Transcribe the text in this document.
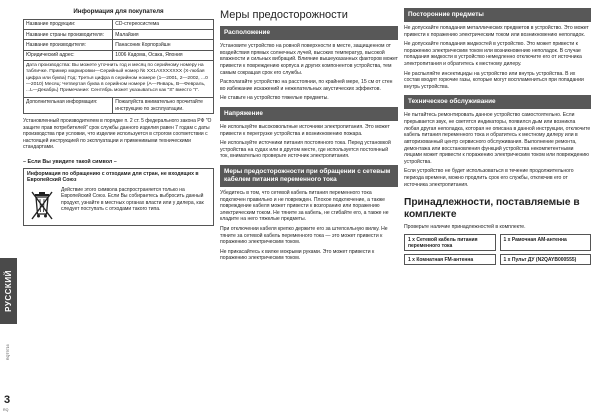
РУССКИЙ
RQT9716
3
RQ
Информация для покупателя
Название продукции:	CD-стереосистема
Название страны производителя:	Малайзия
Название производителя:	Панасоник Корпорэйшн
Юридический адрес:	1006 Кадома, Осака, Япония
Дата производства: Вы можете уточнить год и месяц по серийному номеру на табличке. Пример маркировки—Серийный номер № XX1AXXXXXXX (X-любая цифра или буква) Год: Третья цифра в серийном номере (1—2001, 2—2002, ...0—2010) Месяц: Четвертая буква в серийном номере (A—Январь, B—Февраль, ...L—Декабрь) Примечание: Сентябрь может указываться как "S" вместо "I".
Дополнительная информация:	Пожалуйста внимательно прочитайте инструкцию по эксплуатации.
Установленный производителем в порядке п. 2 ст. 5 федерального закона РФ "О защите прав потребителей" срок службы данного изделия равен 7 годам с даты производства при условии, что изделие используется в строгом соответствии с настоящей инструкцией по эксплуатации и применимыми техническими стандартами.
– Если Вы увидите такой символ –
Информация по обращению с отходами для стран, не входящих в Европейский Союз
Действие этого символа распространяется только на Европейский Союз. Если Вы собираетесь выбросить данный продукт, узнайте в местных органах власти или у дилера, как следует поступать с отходами такого типа.
Меры предосторожности
Расположение
Установите устройство на ровной поверхности в месте, защищенном от воздействия прямых солнечных лучей, высоких температур, высокой влажности и сильных вибраций. Влияние вышеуказанных факторов может привести к повреждению корпуса и других компонентов устройства, тем самым сокращая срок его службы.
Располагайте устройство на расстоянии, по крайней мере, 15 см от стен во избежание искажений и нежелательных акустических эффектов.
Не ставьте на устройство тяжелые предметы.
Напряжение
Не используйте высоковольтные источники электропитания. Это может привести к перегрузке устройства и возникновению пожара.
Не используйте источники питания постоянного тока. Перед установкой устройства на судах или в другом месте, где используется постоянный ток, внимательно проверьте источник электропитания.
Меры предосторожности при обращении с сетевым кабелем питания переменного тока
Убедитесь в том, что сетевой кабель питания переменного тока подключен правильно и не поврежден. Плохое подключение, а также повреждение кабеля может привести к возгоранию или поражению электрическим током. Не тяните за кабель, не сгибайте его, а также не кладите на него тяжелые предметы.
При отключении кабеля крепко держите его за штепсельную вилку. Не тяните за сетевой кабель переменного тока — это может привести к поражению электрическим током.
Не прикасайтесь к вилке мокрыми руками. Это может привести к поражению электрическим током.
Посторонние предметы
Не допускайте попадания металлических предметов в устройство. Это может привести к поражению электрическим током или возникновению неполадок.
Не допускайте попадания жидкостей в устройство. Это может привести к поражению электрическим током или возникновению неполадок. В случае попадания жидкости в устройство немедленно отключите его от источника электропитания и обратитесь к местному дилеру.
Не распыляйте инсектициды на устройство или внутрь устройства. В их состав входят горючие газы, которые могут воспламениться при попадании внутрь устройства.
Техническое обслуживание
Не пытайтесь ремонтировать данное устройство самостоятельно. Если прерывается звук, не светятся индикаторы, появился дым или возникла любая другая неполадка, которая не описана в данной инструкции, отключите кабель питания переменного тока и обратитесь к местному дилеру или в авторизованный центр сервисного обслуживания. Выполнение ремонта, демонтажа или восстановления функций устройства некомпетентными лицами может привести к поражению электрическим током или повреждению устройства.
Если устройство не будет использоваться в течение продолжительного периода времени, можно продлить срок его службы, отключив его от источника электропитания.
Принадлежности, поставляемые в комплекте
Проверьте наличие принадлежностей в комплекте.
1 x Сетевой кабель питания переменного тока
1 x Рамочная АМ-антенна
1 x Комнатная FM-антенна	1 x Пульт ДУ (N2QAYB000555)
